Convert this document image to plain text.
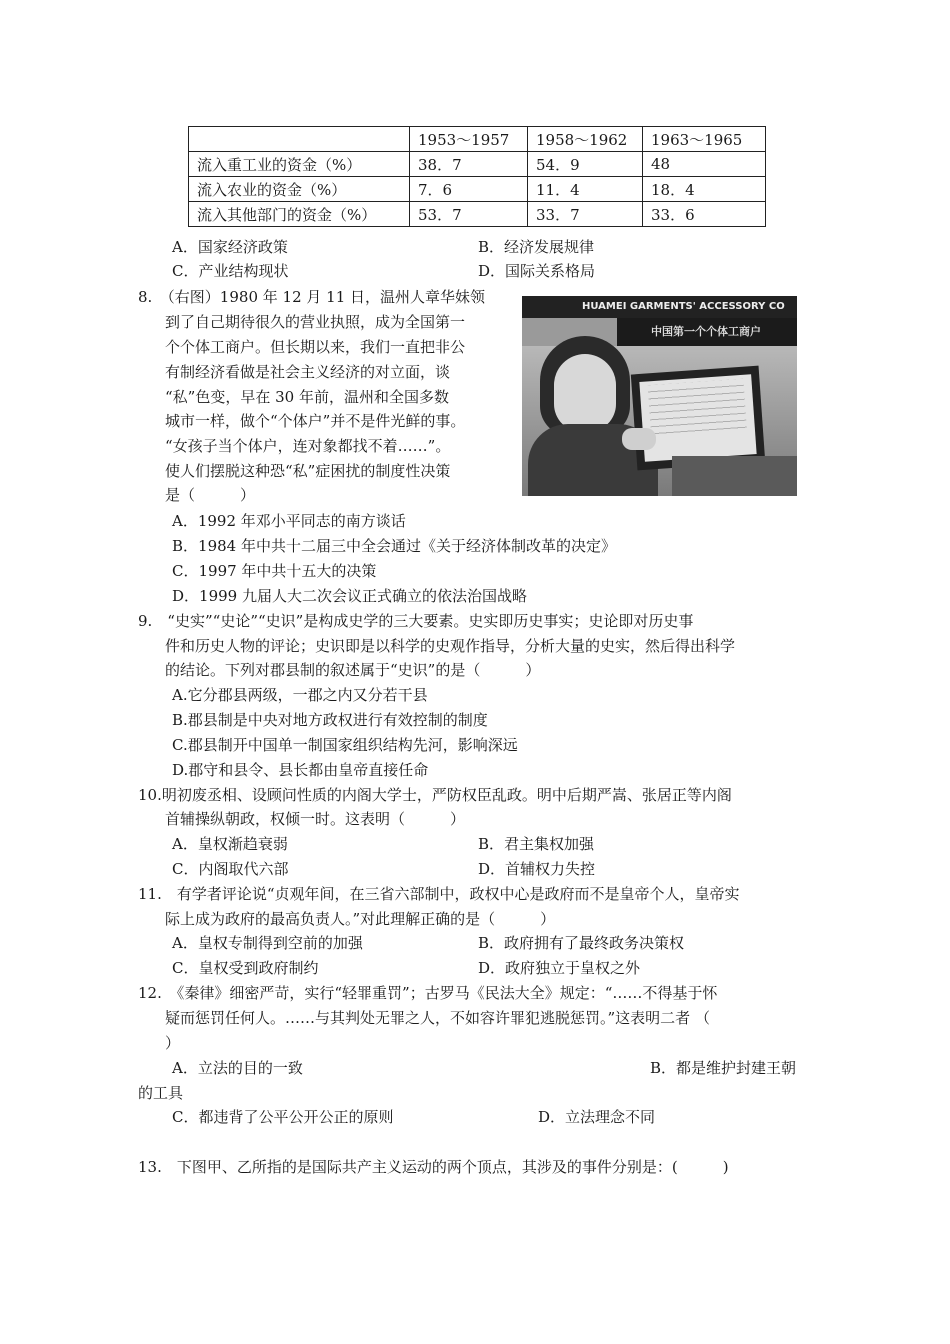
	1953～1957	1958～1962	1963～1965
流入重工业的资金（%）	38．7	54．9	48
流入农业的资金（%）	7．6	11．4	18．4
流入其他部门的资金（%）	53．7	33．7	33．6
A．国家经济政策	B．经济发展规律
C．产业结构现状	D．国际关系格局
8.　（右图）1980 年 12 月 11 日，温州人章华妹领
到了自己期待很久的营业执照，成为全国第一
个个体工商户。但长期以来，我们一直把非公
有制经济看做是社会主义经济的对立面，谈
“私”色变，早在 30 年前，温州和全国多数
城市一样，做个“个体户”并不是件光鲜的事。
“女孩子当个体户，连对象都找不着……”。
使人们摆脱这种恐“私”症困扰的制度性决策
是（　　　）
HUAMEI GARMENTS' ACCESSORY CO
中国第一个个体工商户
A．1992 年邓小平同志的南方谈话
B．1984 年中共十二届三中全会通过《关于经济体制改革的决定》
C．1997 年中共十五大的决策
D．1999 九届人大二次会议正式确立的依法治国战略
9.　“史实”“史论”“史识”是构成史学的三大要素。史实即历史事实；史论即对历史事
件和历史人物的评论；史识即是以科学的史观作指导，分析大量的史实，然后得出科学
的结论。下列对郡县制的叙述属于“史识”的是（　　　）
A.它分郡县两级，一郡之内又分若干县
B.郡县制是中央对地方政权进行有效控制的制度
C.郡县制开中国单一制国家组织结构先河，影响深远
D.郡守和县令、县长都由皇帝直接任命
10.明初废丞相、设顾问性质的内阁大学士，严防权臣乱政。明中后期严嵩、张居正等内阁
首辅操纵朝政，权倾一时。这表明（　　　）
A．皇权渐趋衰弱	B．君主集权加强
C．内阁取代六部	D．首辅权力失控
11.　有学者评论说“贞观年间，在三省六部制中，政权中心是政府而不是皇帝个人，皇帝实
际上成为政府的最高负责人。”对此理解正确的是（　　　）
A．皇权专制得到空前的加强	B．政府拥有了最终政务决策权
C．皇权受到政府制约	D．政府独立于皇权之外
12.　《秦律》细密严苛，实行“轻罪重罚”；古罗马《民法大全》规定：“……不得基于怀
疑而惩罚任何人。……与其判处无罪之人，不如容许罪犯逃脱惩罚。”这表明二者 （
）
A．立法的目的一致	B．都是维护封建王朝
的工具
C．都违背了公平公开公正的原则	D．立法理念不同
13.　下图甲、乙所指的是国际共产主义运动的两个顶点，其涉及的事件分别是：(　　　)
